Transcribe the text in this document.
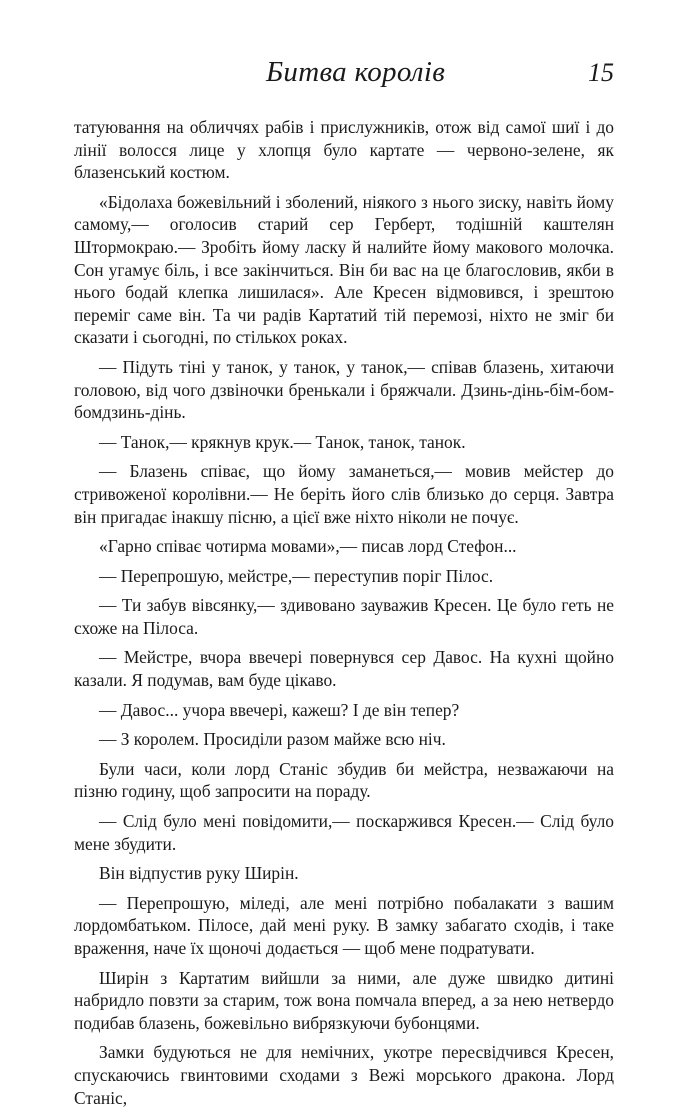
Битва королів	15

татуювання на обличчях рабів і прислужників, отож від самої шиї і до лінії волосся лице у хлопця було картате — червоно-зелене, як блазенський костюм.

«Бідолаха божевільний і зболений, ніякого з нього зиску, навіть йому самому,— оголосив старий сер Герберт, тодішній каштелян Штормокраю.— Зробіть йому ласку й налийте йому макового молочка. Сон угамує біль, і все закінчиться. Він би вас на це благословив, якби в нього бодай клепка лишилася». Але Кресен відмовився, і зрештою переміг саме він. Та чи радів Картатий тій перемозі, ніхто не зміг би сказати і сьогодні, по стількох роках.

— Підуть тіні у танок, у танок, у танок,— співав блазень, хитаючи головою, від чого дзвіночки бренькали і бряжчали. Дзинь-дінь-бім-бом-бомдзинь-дінь.

— Танок,— крякнув крук.— Танок, танок, танок.

— Блазень співає, що йому заманеться,— мовив мейстер до стривоженої королівни.— Не беріть його слів близько до серця. Завтра він пригадає інакшу пісню, а цієї вже ніхто ніколи не почує.

«Гарно співає чотирма мовами»,— писав лорд Стефон...

— Перепрошую, мейстре,— переступив поріг Пілос.

— Ти забув вівсянку,— здивовано зауважив Кресен. Це було геть не схоже на Пілоса.

— Мейстре, вчора ввечері повернувся сер Давос. На кухні щойно казали. Я подумав, вам буде цікаво.

— Давос... учора ввечері, кажеш? І де він тепер?

— З королем. Просиділи разом майже всю ніч.

Були часи, коли лорд Станіс збудив би мейстра, незважаючи на пізню годину, щоб запросити на пораду.

— Слід було мені повідомити,— поскаржився Кресен.— Слід було мене збудити.

Він відпустив руку Ширін.

— Перепрошую, міледі, але мені потрібно побалакати з вашим лордомбатьком. Пілосе, дай мені руку. В замку забагато сходів, і таке враження, наче їх щоночі додається — щоб мене подратувати.

Ширін з Картатим вийшли за ними, але дуже швидко дитині набридло повзти за старим, тож вона помчала вперед, а за нею нетвердо подибав блазень, божевільно вибрязкуючи бубонцями.

Замки будуються не для немічних, укотре пересвідчився Кресен, спускаючись гвинтовими сходами з Вежі морського дракона. Лорд Станіс,
